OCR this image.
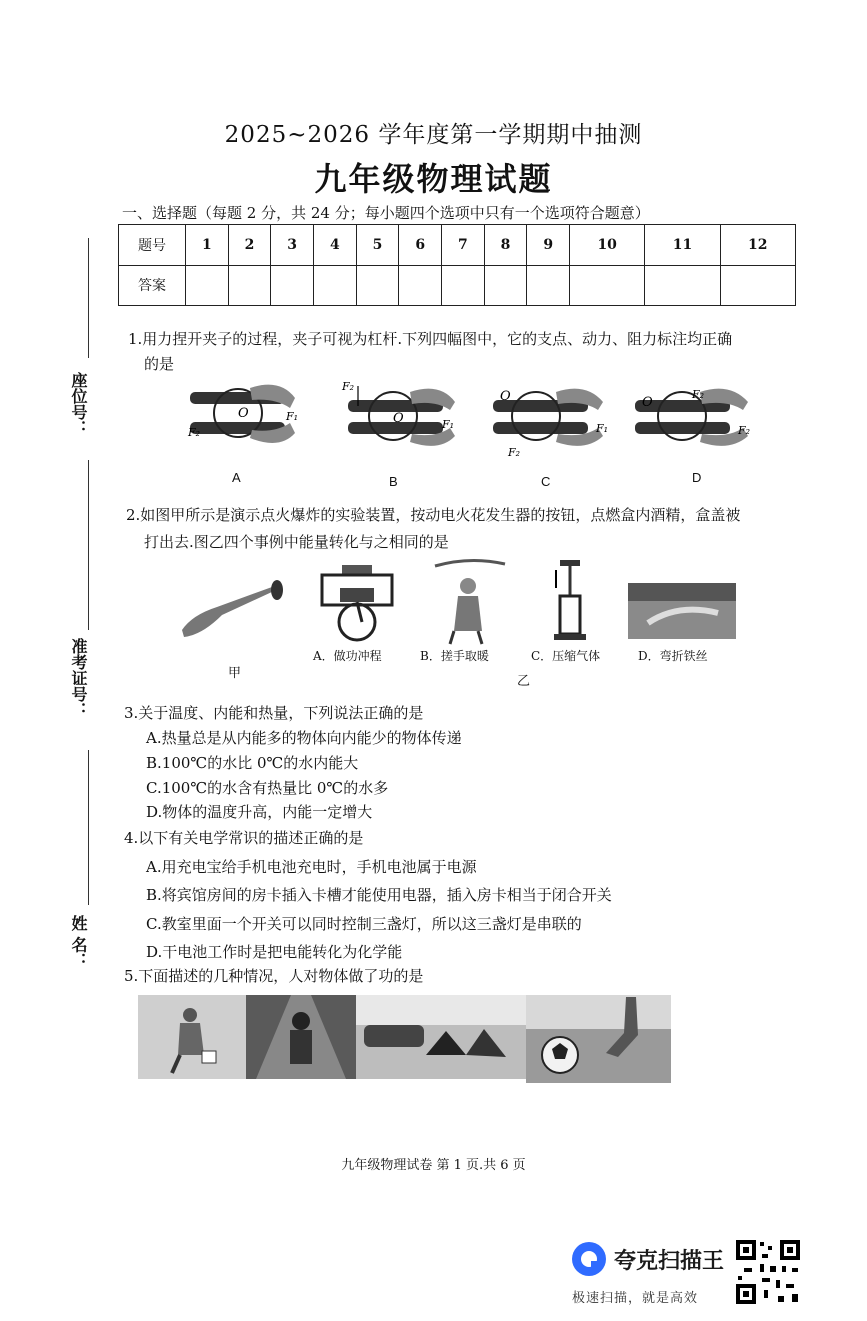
2025~2026 学年度第一学期期中抽测
九年级物理试题
一、选择题（每题 2 分，共 24 分；每小题四个选项中只有一个选项符合题意）
题号	1	2	3	4	5	6	7	8	9	10	11	12
答案												
座位号：
准考证号：
姓 名：
1.用力捏开夹子的过程，夹子可视为杠杆.下列四幅图中，它的支点、动力、阻力标注均正确
的是
O	F₁
F₂
F₂
O	F₁
O
F₁
F₂
O
F₂
F₂
A	B	C	D
2.如图甲所示是演示点火爆炸的实验装置，按动电火花发生器的按钮，点燃盒内酒精，盒盖被
打出去.图乙四个事例中能量转化与之相同的是
甲
A．做功冲程	B．搓手取暖	C．压缩气体	D．弯折铁丝
乙
3.关于温度、内能和热量，下列说法正确的是
A.热量总是从内能多的物体向内能少的物体传递
B.100℃的水比 0℃的水内能大
C.100℃的水含有热量比 0℃的水多
D.物体的温度升高，内能一定增大
4.以下有关电学常识的描述正确的是
A.用充电宝给手机电池充电时，手机电池属于电源
B.将宾馆房间的房卡插入卡槽才能使用电器，插入房卡相当于闭合开关
C.教室里面一个开关可以同时控制三盏灯，所以这三盏灯是串联的
D.干电池工作时是把电能转化为化学能
5.下面描述的几种情况，人对物体做了功的是
九年级物理试卷 第 1 页.共 6 页
夸克扫描王
极速扫描，就是高效
